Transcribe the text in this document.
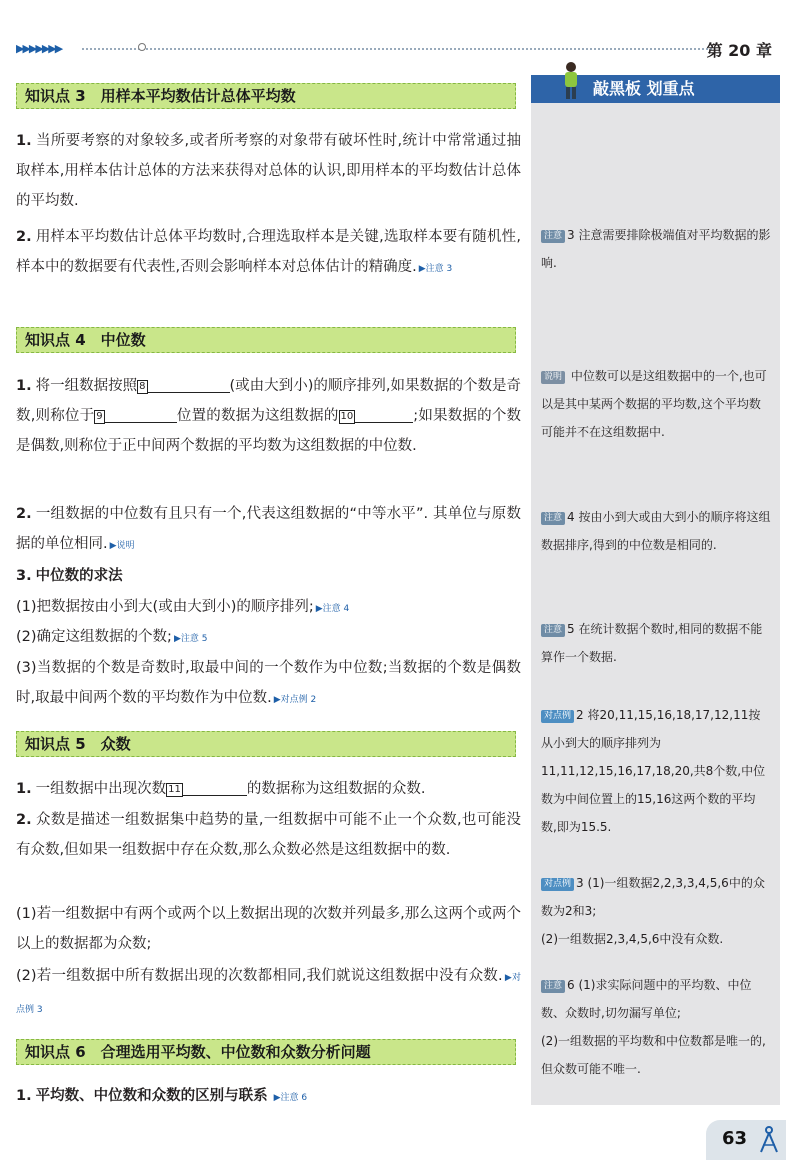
▶▶▶▶▶▶▶	第 20 章
敲黑板 划重点
注意 3 注意需要排除极端值对平均数据的影响.
说明 中位数可以是这组数据中的一个,也可以是其中某两个数据的平均数,这个平均数可能并不在这组数据中.
注意 4 按由小到大或由大到小的顺序将这组数据排序,得到的中位数是相同的.
注意 5 在统计数据个数时,相同的数据不能算作一个数据.
对点例 2 将20,11,15,16,18,17,12,11按从小到大的顺序排列为11,11,12,15,16,17,18,20,共8个数,中位数为中间位置上的15,16这两个数的平均数,即为15.5.
对点例 3 (1)一组数据2,2,3,3,4,5,6中的众数为2和3;
(2)一组数据2,3,4,5,6中没有众数.
注意 6 (1)求实际问题中的平均数、中位数、众数时,切勿漏写单位;
(2)一组数据的平均数和中位数都是唯一的,但众数可能不唯一.
知识点 3　用样本平均数估计总体平均数
1. 当所要考察的对象较多,或者所考察的对象带有破坏性时,统计中常常通过抽取样本,用样本估计总体的方法来获得对总体的认识,即用样本的平均数估计总体的平均数.
2. 用样本平均数估计总体平均数时,合理选取样本是关键,选取样本要有随机性,样本中的数据要有代表性,否则会影响样本对总体估计的精确度. ▶注意 3
知识点 4　中位数
1. 将一组数据按照 8	(或由大到小)的顺序排列,如果数据的个数是奇数,则称位于 9	位置的数据为这组数据的 10	;如果数据的个数是偶数,则称位于正中间两个数据的平均数为这组数据的中位数.
2. 一组数据的中位数有且只有一个,代表这组数据的“中等水平”. 其单位与原数据的单位相同. ▶说明
3. 中位数的求法
(1)把数据按由小到大(或由大到小)的顺序排列; ▶注意 4
(2)确定这组数据的个数; ▶注意 5
(3)当数据的个数是奇数时,取最中间的一个数作为中位数;当数据的个数是偶数时,取最中间两个数的平均数作为中位数. ▶对点例 2
知识点 5　众数
1. 一组数据中出现次数 11	的数据称为这组数据的众数.
2. 众数是描述一组数据集中趋势的量,一组数据中可能不止一个众数,也可能没有众数,但如果一组数据中存在众数,那么众数必然是这组数据中的数.
(1)若一组数据中有两个或两个以上数据出现的次数并列最多,那么这两个或两个以上的数据都为众数;
(2)若一组数据中所有数据出现的次数都相同,我们就说这组数据中没有众数. ▶对点例 3
知识点 6　合理选用平均数、中位数和众数分析问题
1. 平均数、中位数和众数的区别与联系 ▶注意 6
63
